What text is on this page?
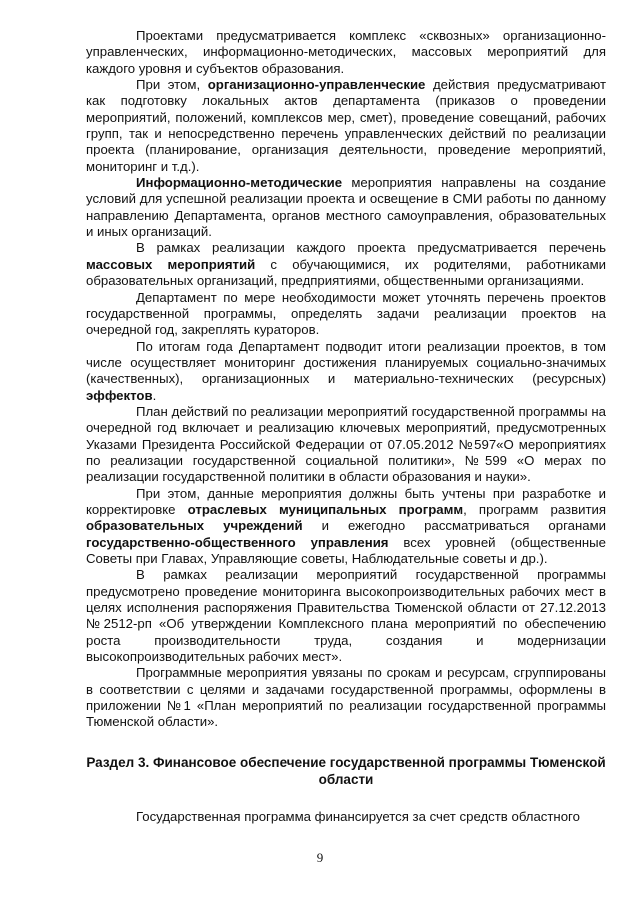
Проектами предусматривается комплекс «сквозных» организационно-управленческих, информационно-методических, массовых мероприятий для каждого уровня и субъектов образования.

При этом, организационно-управленческие действия предусматривают как подготовку локальных актов департамента (приказов о проведении мероприятий, положений, комплексов мер, смет), проведение совещаний, рабочих групп, так и непосредственно перечень управленческих действий по реализации проекта (планирование, организация деятельности, проведение мероприятий, мониторинг и т.д.).

Информационно-методические мероприятия направлены на создание условий для успешной реализации проекта и освещение в СМИ работы по данному направлению Департамента, органов местного самоуправления, образовательных и иных организаций.

В рамках реализации каждого проекта предусматривается перечень массовых мероприятий с обучающимися, их родителями, работниками образовательных организаций, предприятиями, общественными организациями.

Департамент по мере необходимости может уточнять перечень проектов государственной программы, определять задачи реализации проектов на очередной год, закреплять кураторов.

По итогам года Департамент подводит итоги реализации проектов, в том числе осуществляет мониторинг достижения планируемых социально-значимых (качественных), организационных и материально-технических (ресурсных) эффектов.

План действий по реализации мероприятий государственной программы на очередной год включает и реализацию ключевых мероприятий, предусмотренных Указами Президента Российской Федерации от 07.05.2012 №597«О мероприятиях по реализации государственной социальной политики», №599 «О мерах по реализации государственной политики в области образования и науки».

При этом, данные мероприятия должны быть учтены при разработке и корректировке отраслевых муниципальных программ, программ развития образовательных учреждений и ежегодно рассматриваться органами государственно-общественного управления всех уровней (общественные Советы при Главах, Управляющие советы, Наблюдательные советы и др.).

В рамках реализации мероприятий государственной программы предусмотрено проведение мониторинга высокопроизводительных рабочих мест в целях исполнения распоряжения Правительства Тюменской области от 27.12.2013 №2512-рп «Об утверждении Комплексного плана мероприятий по обеспечению роста производительности труда, создания и модернизации высокопроизводительных рабочих мест».

Программные мероприятия увязаны по срокам и ресурсам, сгруппированы в соответствии с целями и задачами государственной программы, оформлены в приложении №1 «План мероприятий по реализации государственной программы Тюменской области».

Раздел 3. Финансовое обеспечение государственной программы Тюменской области

Государственная программа финансируется за счет средств областного

9
